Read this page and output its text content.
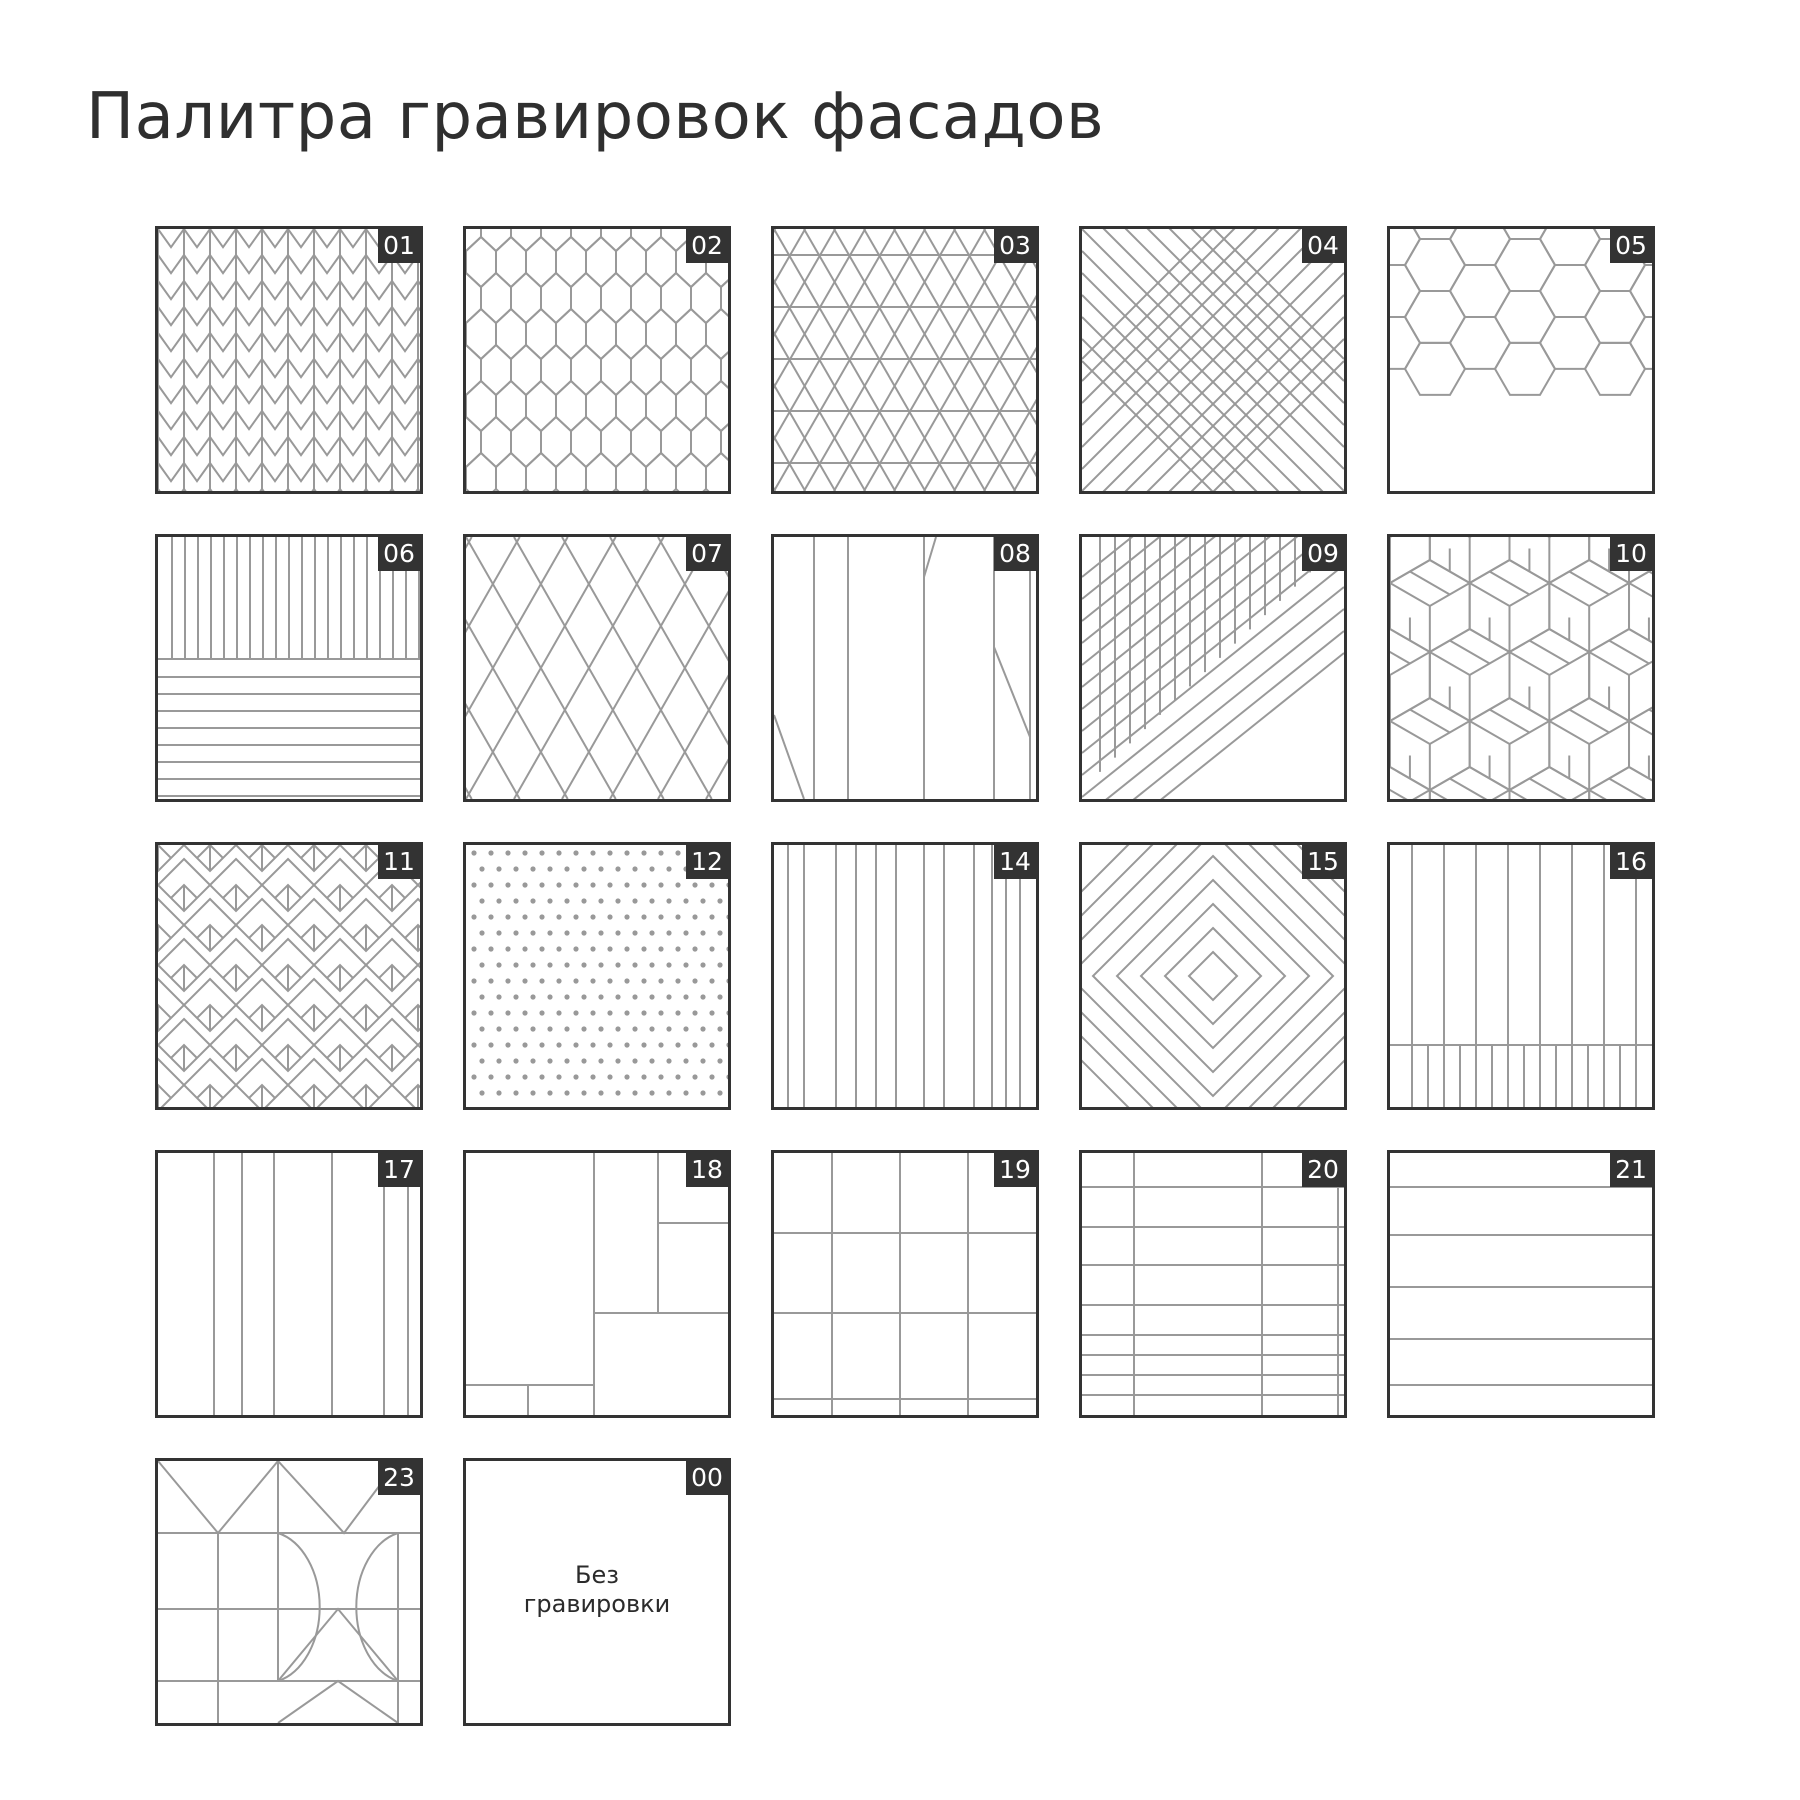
Палитра гравировок фасадов
01	02	03	04	05
06	07	08	09	10
11	12	14	15	16
17	18	19	20	21
23
Без
гравировки
00
